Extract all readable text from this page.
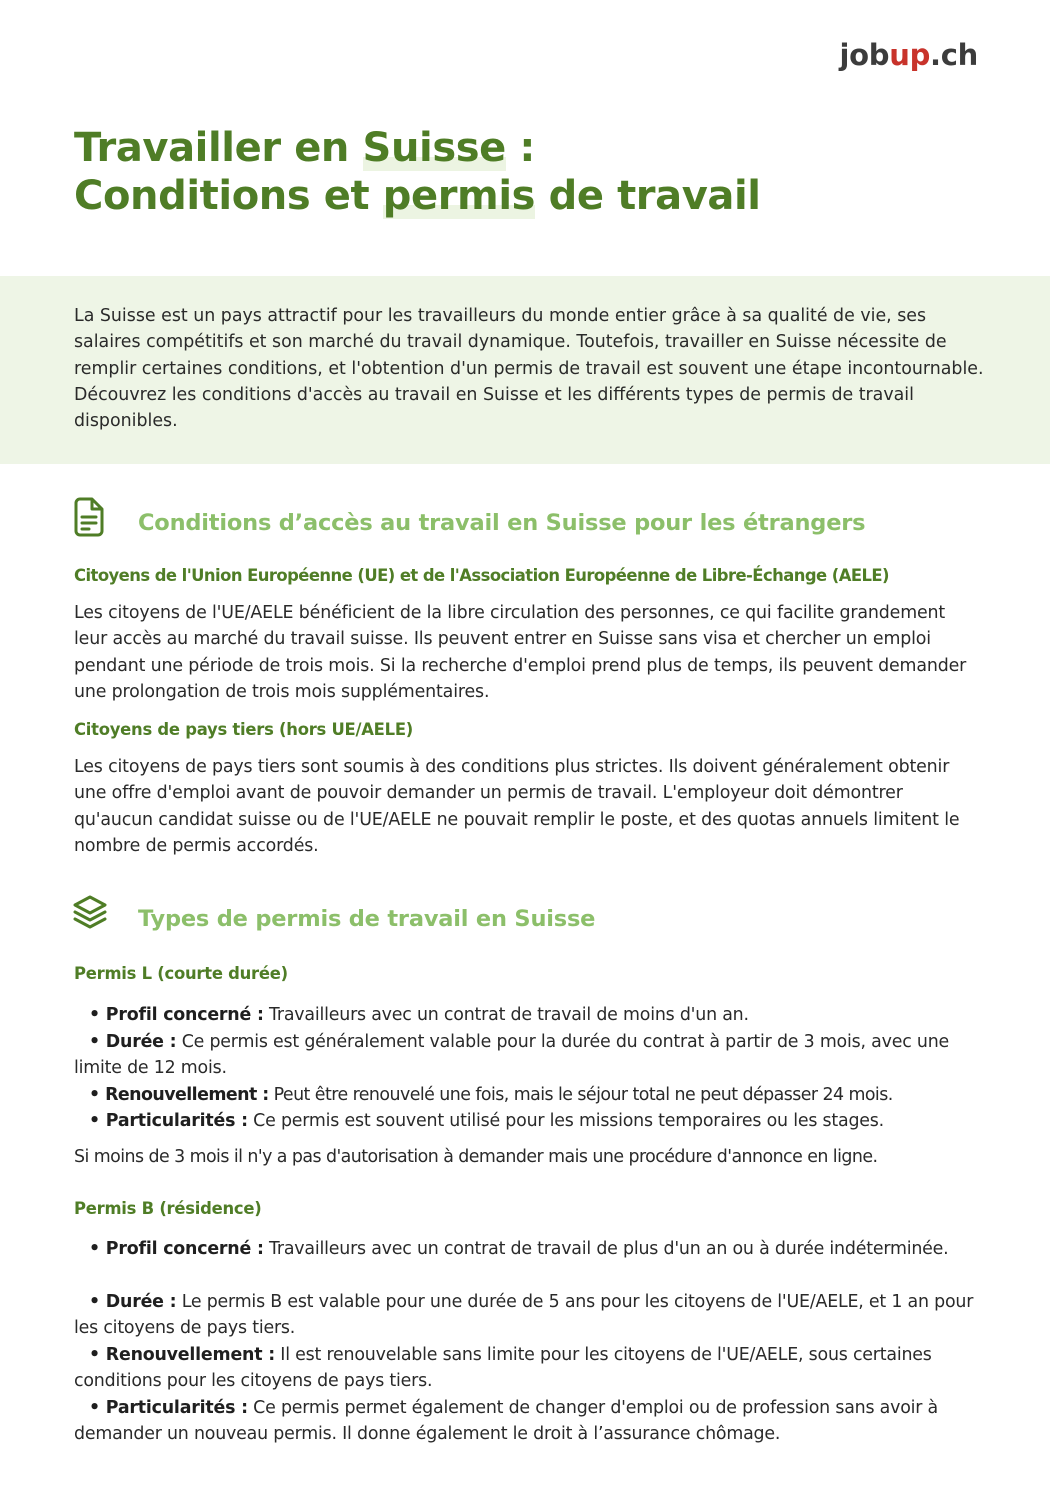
jobup.ch
Travailler en Suisse :
Conditions et permis de travail

La Suisse est un pays attractif pour les travailleurs du monde entier grâce à sa qualité de vie, ses salaires compétitifs et son marché du travail dynamique. Toutefois, travailler en Suisse nécessite de remplir certaines conditions, et l'obtention d'un permis de travail est souvent une étape incontournable. Découvrez les conditions d'accès au travail en Suisse et les différents types de permis de travail disponibles.

Conditions d’accès au travail en Suisse pour les étrangers
Citoyens de l'Union Européenne (UE) et de l'Association Européenne de Libre-Échange (AELE)

Les citoyens de l'UE/AELE bénéficient de la libre circulation des personnes, ce qui facilite grandement leur accès au marché du travail suisse. Ils peuvent entrer en Suisse sans visa et chercher un emploi pendant une période de trois mois. Si la recherche d'emploi prend plus de temps, ils peuvent demander une prolongation de trois mois supplémentaires.

Citoyens de pays tiers (hors UE/AELE)

Les citoyens de pays tiers sont soumis à des conditions plus strictes. Ils doivent généralement obtenir une offre d'emploi avant de pouvoir demander un permis de travail. L'employeur doit démontrer qu'aucun candidat suisse ou de l'UE/AELE ne pouvait remplir le poste, et des quotas annuels limitent le nombre de permis accordés.

Types de permis de travail en Suisse
Permis L (courte durée)

• Profil concerné : Travailleurs avec un contrat de travail de moins d'un an.

• Durée : Ce permis est généralement valable pour la durée du contrat à partir de 3 mois, avec une limite de 12 mois.

• Renouvellement : Peut être renouvelé une fois, mais le séjour total ne peut dépasser 24 mois.

• Particularités : Ce permis est souvent utilisé pour les missions temporaires ou les stages.

Si moins de 3 mois il n'y a pas d'autorisation à demander mais une procédure d'annonce en ligne.

Permis B (résidence)

• Profil concerné : Travailleurs avec un contrat de travail de plus d'un an ou à durée indéterminée.

• Durée : Le permis B est valable pour une durée de 5 ans pour les citoyens de l'UE/AELE, et 1 an pour les citoyens de pays tiers.

• Renouvellement : Il est renouvelable sans limite pour les citoyens de l'UE/AELE, sous certaines conditions pour les citoyens de pays tiers.

• Particularités : Ce permis permet également de changer d'emploi ou de profession sans avoir à demander un nouveau permis. Il donne également le droit à l’assurance chômage.
